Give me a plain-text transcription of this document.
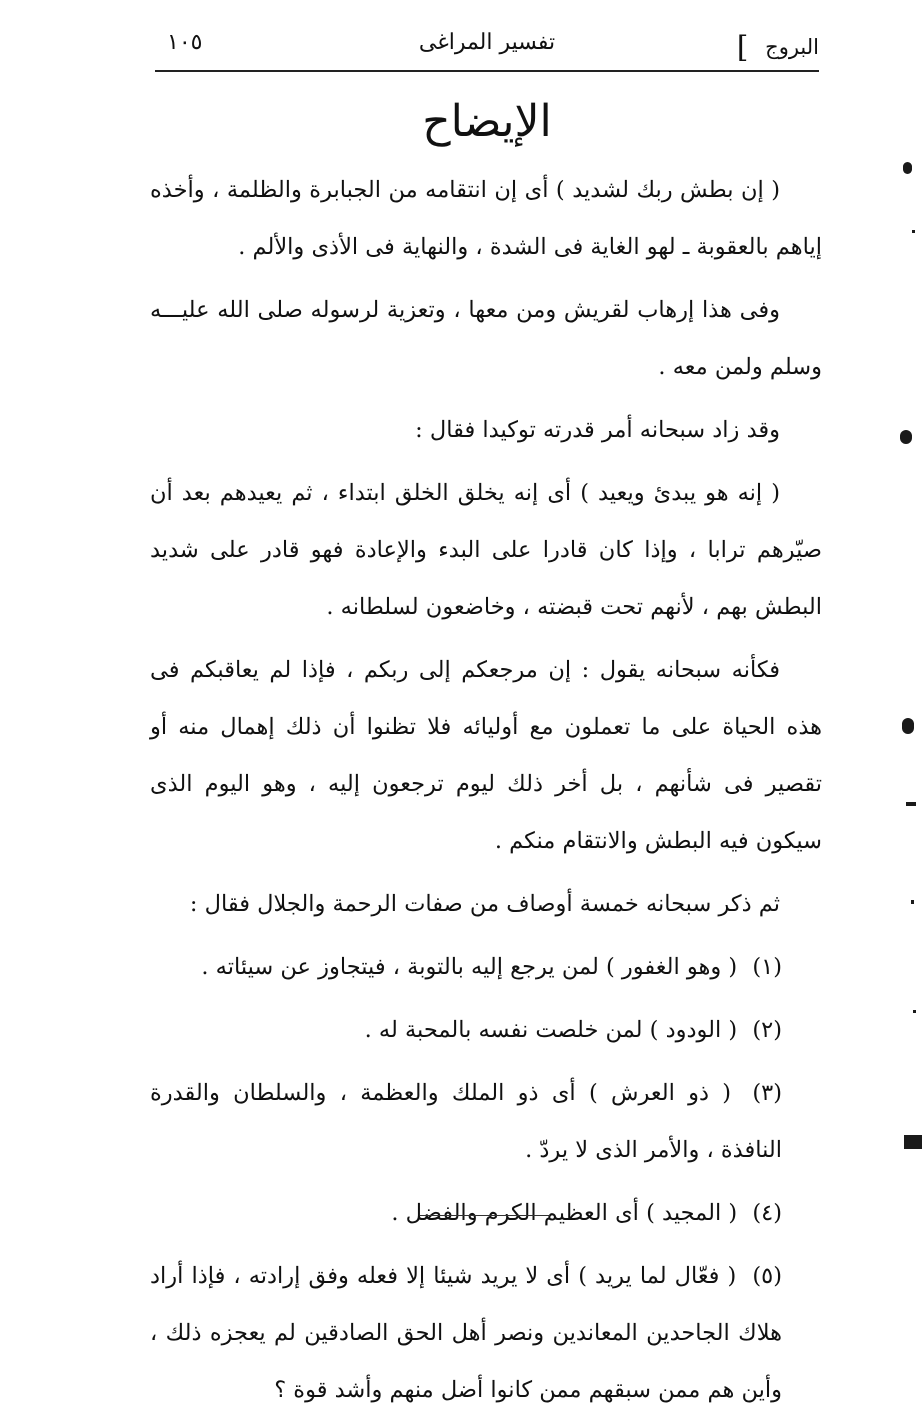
البروج ]
تفسير المراغى
١٠٥
الإيضاح

( إن بطش ربك لشديد ) أى إن انتقامه من الجبابرة والظلمة ، وأخذه إياهم بالعقوبة ـ لهو الغاية فى الشدة ، والنهاية فى الأذى والألم .

وفى هذا إرهاب لقريش ومن معها ، وتعزية لرسوله صلى الله عليـــه وسلم ولمن معه .

وقد زاد سبحانه أمر قدرته توكيدا فقال :

( إنه هو يبدئ ويعيد ) أى إنه يخلق الخلق ابتداء ، ثم يعيدهم بعد أن صيّرهم ترابا ، وإذا كان قادرا على البدء والإعادة فهو قادر على شديد البطش بهم ، لأنهم تحت قبضته ، وخاضعون لسلطانه .

فكأنه سبحانه يقول : إن مرجعكم إلى ربكم ، فإذا لم يعاقبكم فى هذه الحياة على ما تعملون مع أوليائه فلا تظنوا أن ذلك إهمال منه أو تقصير فى شأنهم ، بل أخر ذلك ليوم ترجعون إليه ، وهو اليوم الذى سيكون فيه البطش والانتقام منكم .

ثم ذكر سبحانه خمسة أوصاف من صفات الرحمة والجلال فقال :

(١) ( وهو الغفور ) لمن يرجع إليه بالتوبة ، فيتجاوز عن سيئاته .

(٢) ( الودود ) لمن خلصت نفسه بالمحبة له .

(٣) ( ذو العرش ) أى ذو الملك والعظمة ، والسلطان والقدرة النافذة ، والأمر الذى لا يردّ .

(٤) ( المجيد ) أى العظيم الكرم والفضل .

(٥) ( فعّال لما يريد ) أى لا يريد شيئا إلا فعله وفق إرادته ، فإذا أراد هلاك الجاحدين المعاندين ونصر أهل الحق الصادقين لم يعجزه ذلك ، وأين هم ممن سبقهم ممن كانوا أضل منهم وأشد قوة ؟
